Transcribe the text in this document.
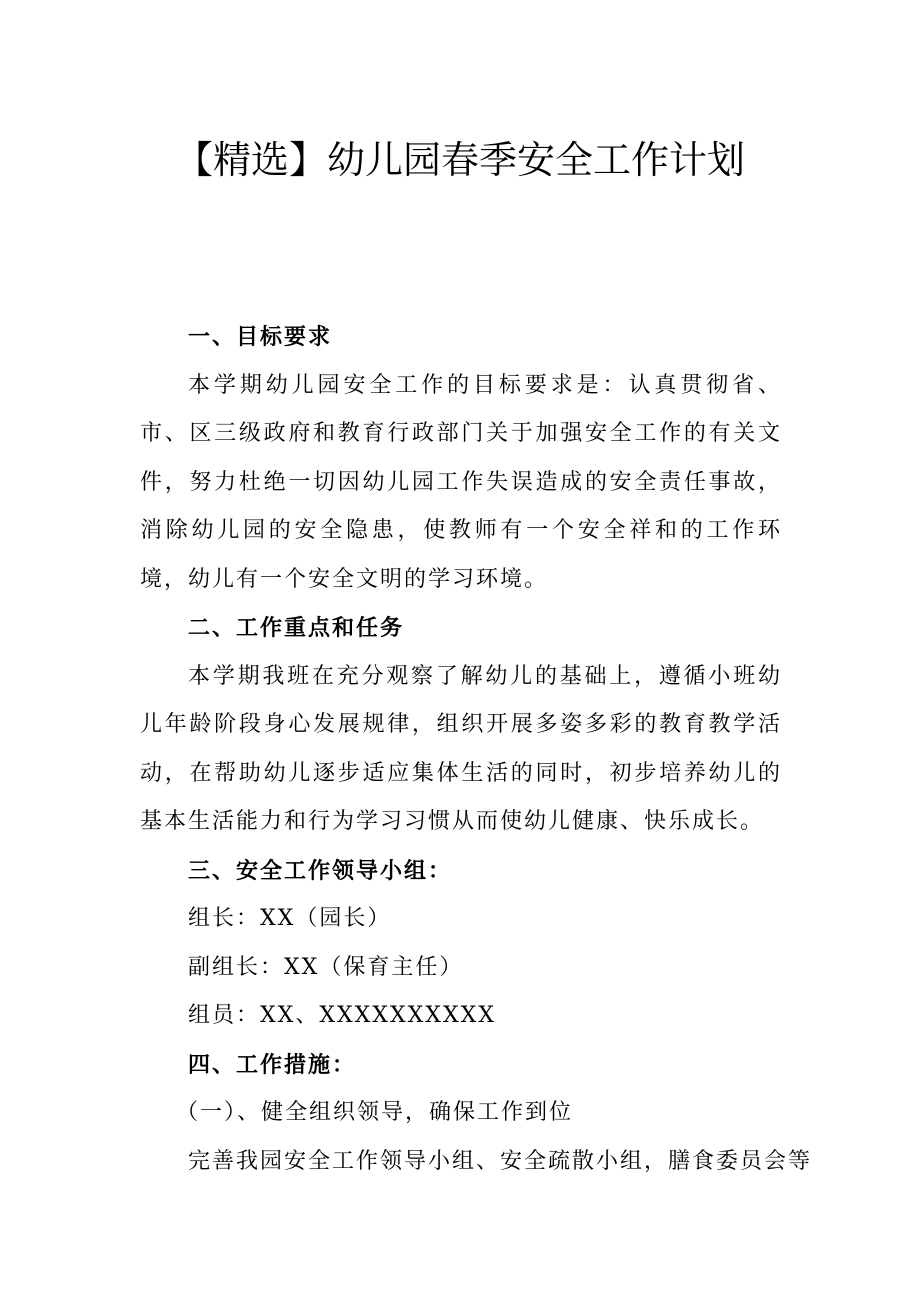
【精选】幼儿园春季安全工作计划

一、目标要求

本学期幼儿园安全工作的目标要求是：认真贯彻省、市、区三级政府和教育行政部门关于加强安全工作的有关文件，努力杜绝一切因幼儿园工作失误造成的安全责任事故，消除幼儿园的安全隐患，使教师有一个安全祥和的工作环境，幼儿有一个安全文明的学习环境。

二、工作重点和任务

本学期我班在充分观察了解幼儿的基础上，遵循小班幼儿年龄阶段身心发展规律，组织开展多姿多彩的教育教学活动，在帮助幼儿逐步适应集体生活的同时，初步培养幼儿的基本生活能力和行为学习习惯从而使幼儿健康、快乐成长。

三、安全工作领导小组：

组长：XX（园长）

副组长：XX（保育主任）

组员：XX、XXXXXXXXXX

四、工作措施：

（一）、健全组织领导，确保工作到位

完善我园安全工作领导小组、安全疏散小组，膳食委员会等
